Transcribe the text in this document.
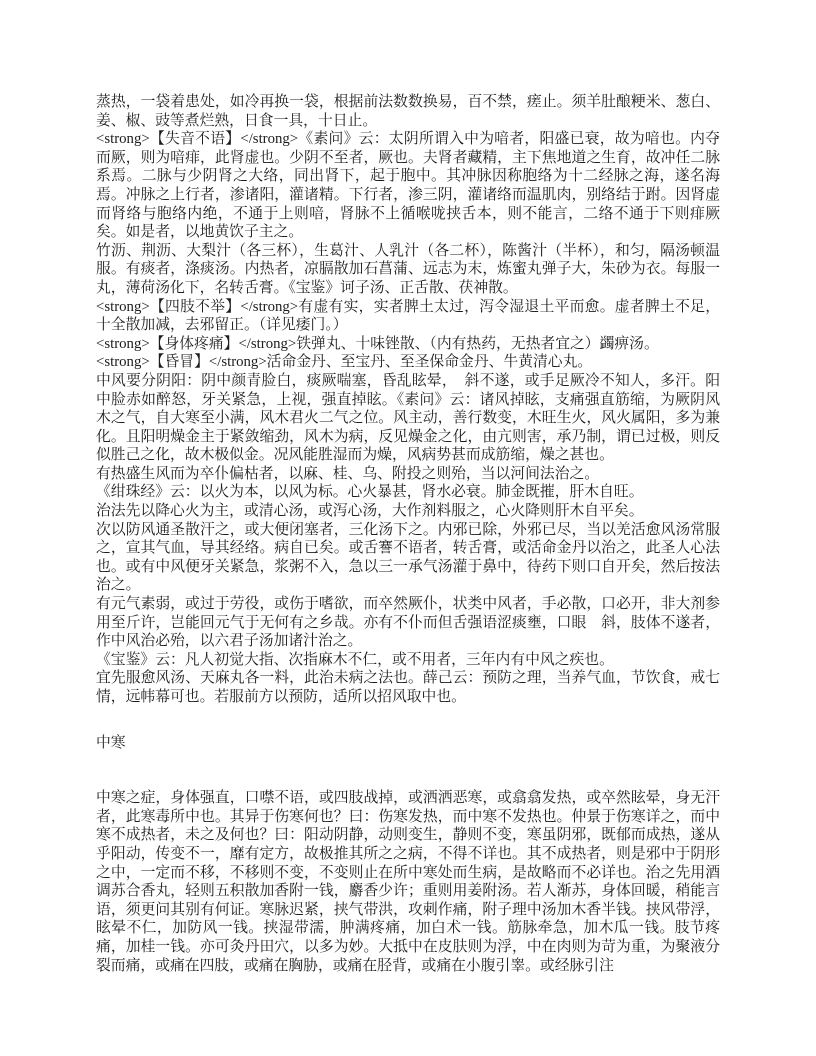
蒸热，一袋着患处，如冷再换一袋，根据前法数数换易，百不禁，瘥止。须羊肚酿粳米、葱白、姜、椒、豉等煮烂熟，日食一具，十日止。

<strong>【失音不语】</strong>《素问》云：太阴所谓入中为喑者，阳盛已衰，故为喑也。内夺而厥，则为喑痱，此肾虚也。少阴不至者，厥也。夫肾者藏精，主下焦地道之生育，故冲任二脉系焉。二脉与少阴肾之大络，同出肾下，起于胞中。其冲脉因称胞络为十二经脉之海，遂名海焉。冲脉之上行者，渗诸阳，灌诸精。下行者，渗三阴，灌诸络而温肌肉，别络结于跗。因肾虚而肾络与胞络内绝，不通于上则喑，肾脉不上循喉咙挟舌本，则不能言，二络不通于下则痱厥矣。如是者，以地黄饮子主之。

竹沥、荆沥、大梨汁（各三杯），生葛汁、人乳汁（各二杯），陈酱汁（半杯），和匀，隔汤顿温服。有痰者，涤痰汤。内热者，凉膈散加石菖蒲、远志为末，炼蜜丸弹子大，朱砂为衣。每服一丸，薄荷汤化下，名转舌膏。《宝鉴》诃子汤、正舌散、茯神散。

<strong>【四肢不举】</strong>有虚有实，实者脾土太过，泻令湿退土平而愈。虚者脾土不足，十全散加减，去邪留正。（详见痿门。）

<strong>【身体疼痛】</strong>铁弹丸、十味锉散、（内有热药，无热者宜之）蠲痹汤。

<strong>【昏冒】</strong>活命金丹、至宝丹、至圣保命金丹、牛黄清心丸。

中风要分阴阳：阴中颜青脸白，痰厥喘塞，昏乱眩晕，　斜不遂，或手足厥冷不知人，多汗。阳中脸赤如醉怒，牙关紧急，上视，强直掉眩。《素问》云：诸风掉眩，支痛强直筋缩，为厥阴风木之气，自大寒至小满，风木君火二气之位。风主动，善行数变，木旺生火，风火属阳，多为兼化。且阳明燥金主于紧敛缩劲，风木为病，反见燥金之化，由亢则害，承乃制，谓已过极，则反似胜己之化，故木极似金。况风能胜湿而为燥，风病势甚而成筋缩，燥之甚也。

有热盛生风而为卒仆偏枯者，以麻、桂、乌、附投之则殆，当以河间法治之。

《绀珠经》云：以火为本，以风为标。心火暴甚，肾水必衰。肺金既摧，肝木自旺。

治法先以降心火为主，或清心汤，或泻心汤，大作剂料服之，心火降则肝木自平矣。

次以防风通圣散汗之，或大便闭塞者，三化汤下之。内邪已除，外邪已尽，当以羌活愈风汤常服之，宣其气血，导其经络。病自已矣。或舌謇不语者，转舌膏，或活命金丹以治之，此圣人心法也。或有中风便牙关紧急，浆粥不入，急以三一承气汤灌于鼻中，待药下则口自开矣，然后按法治之。

有元气素弱，或过于劳役，或伤于嗜欲，而卒然厥仆，状类中风者，手必散，口必开，非大剂参　用至斤许，岂能回元气于无何有之乡哉。亦有不仆而但舌强语涩痰壅，口眼　斜，肢体不遂者，作中风治必殆，以六君子汤加诸汁治之。

《宝鉴》云：凡人初觉大指、次指麻木不仁，或不用者，三年内有中风之疾也。

宜先服愈风汤、天麻丸各一料，此治未病之法也。薛己云：预防之理，当养气血，节饮食，戒七情，远帏幕可也。若服前方以预防，适所以招风取中也。

中寒

中寒之症，身体强直，口噤不语，或四肢战掉，或洒洒恶寒，或翕翕发热，或卒然眩晕，身无汗者，此寒毒所中也。其异于伤寒何也？曰：伤寒发热，而中寒不发热也。仲景于伤寒详之，而中寒不成热者，未之及何也？曰：阳动阴静，动则变生，静则不变，寒虽阴邪，既郁而成热，遂从乎阳动，传变不一，靡有定方，故极推其所之之病，不得不详也。其不成热者，则是邪中于阴形之中，一定而不移，不移则不变，不变则止在所中寒处而生病，是故略而不必详也。治之先用酒调苏合香丸，轻则五积散加香附一钱，麝香少许；重则用姜附汤。若人渐苏，身体回暖，稍能言语，须更问其别有何证。寒脉迟紧，挟气带洪，攻刺作痛，附子理中汤加木香半钱。挟风带浮，眩晕不仁，加防风一钱。挟湿带濡，肿满疼痛，加白术一钱。筋脉牵急，加木瓜一钱。肢节疼痛，加桂一钱。亦可灸丹田穴，以多为妙。大抵中在皮肤则为浮，中在肉则为苛为重，为聚液分裂而痛，或痛在四肢，或痛在胸胁，或痛在胫背，或痛在小腹引睾。或经脉引注
